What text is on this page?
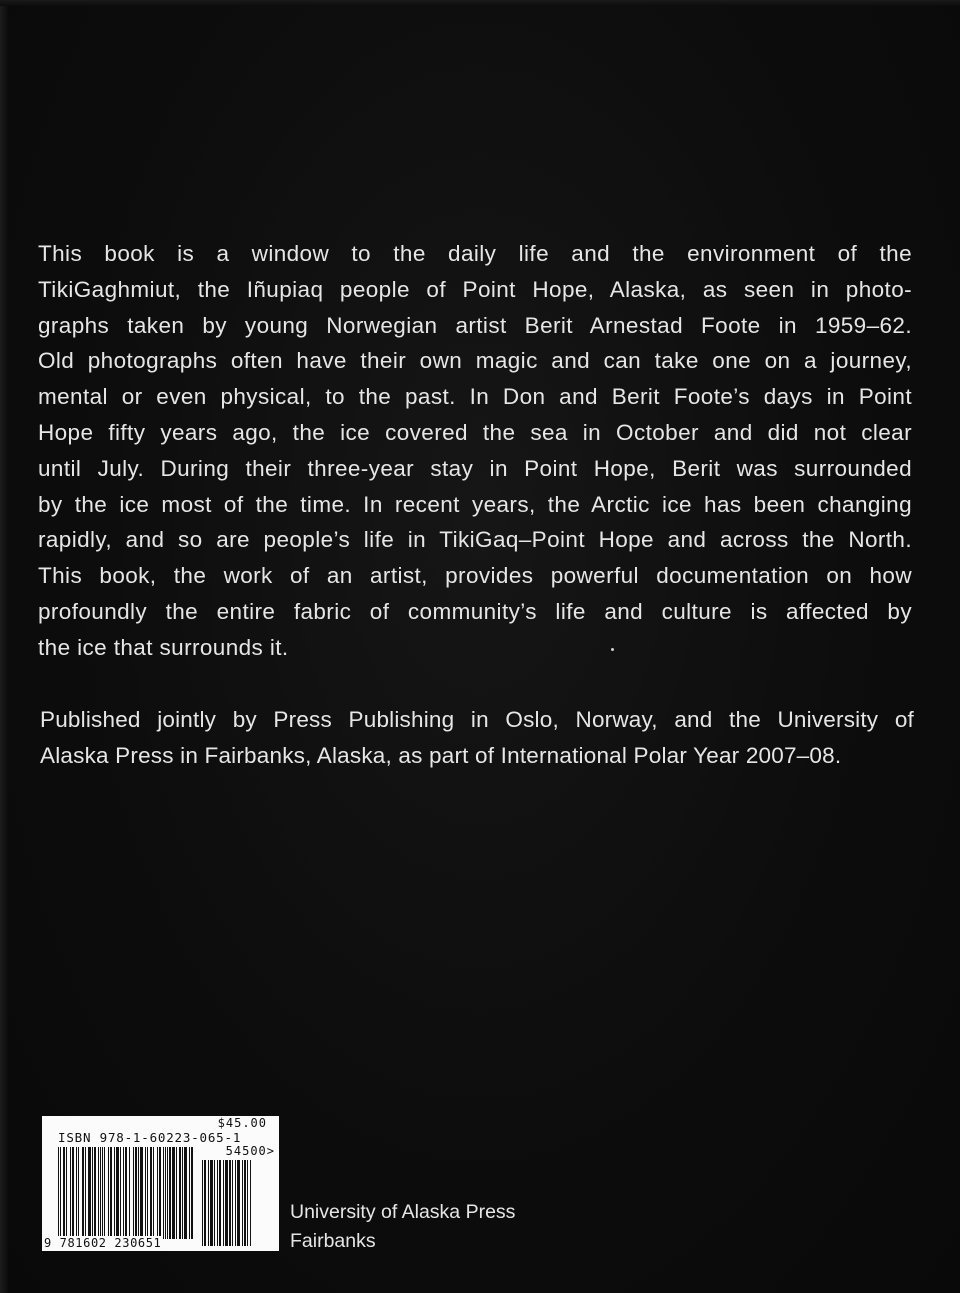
This book is a window to the daily life and the environment of the
TikiGaghmiut, the Iñupiaq people of Point Hope, Alaska, as seen in photo-
graphs taken by young Norwegian artist Berit Arnestad Foote in 1959–62.
Old photographs often have their own magic and can take one on a journey,
mental or even physical, to the past. In Don and Berit Foote’s days in Point
Hope fifty years ago, the ice covered the sea in October and did not clear
until July. During their three-year stay in Point Hope, Berit was surrounded
by the ice most of the time. In recent years, the Arctic ice has been changing
rapidly, and so are people’s life in TikiGaq–Point Hope and across the North.
This book, the work of an artist, provides powerful documentation on how
profoundly the entire fabric of community’s life and culture is affected by
the ice that surrounds it.
Published jointly by Press Publishing in Oslo, Norway, and the University of
Alaska Press in Fairbanks, Alaska, as part of International Polar Year 2007–08.
$45.00
ISBN 978-1-60223-065-1
54500>
9 781602 230651
University of Alaska Press
Fairbanks
